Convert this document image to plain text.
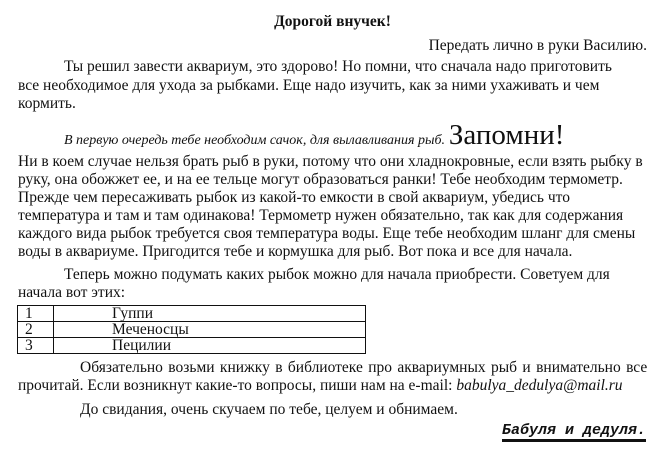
Дорогой внучек!
Передать лично в руки Василию.
Ты решил завести аквариум, это здорово! Но помни, что сначала надо приготовить
все необходимое для ухода за рыбками. Еще надо изучить, как за ними ухаживать и чем
кормить.
В первую очередь тебе необходим сачок, для вылавливания рыб. Запомни!
Ни в коем случае нельзя брать рыб в руки, потому что они хладнокровные, если взять рыбку в
руку, она обожжет ее, и на ее тельце могут образоваться ранки! Тебе необходим термометр.
Прежде чем пересаживать рыбок из какой-то емкости в свой аквариум, убедись что
температура и там и там одинакова! Термометр нужен обязательно, так как для содержания
каждого вида рыбок требуется своя температура воды. Еще тебе необходим шланг для смены
воды в аквариуме. Пригодится тебе и кормушка для рыб. Вот пока и все для начала.
Теперь можно подумать каких рыбок можно для начала приобрести. Советуем для
начала вот этих:
1	Гуппи
2	Меченосцы
3	Пецилии
Обязательно возьми книжку в библиотеке про аквариумных рыб и внимательно все
прочитай. Если возникнут какие-то вопросы, пиши нам на e-mail: babulya_dedulya@mail.ru
До свидания, очень скучаем по тебе, целуем и обнимаем.
Бабуля и дедуля.
